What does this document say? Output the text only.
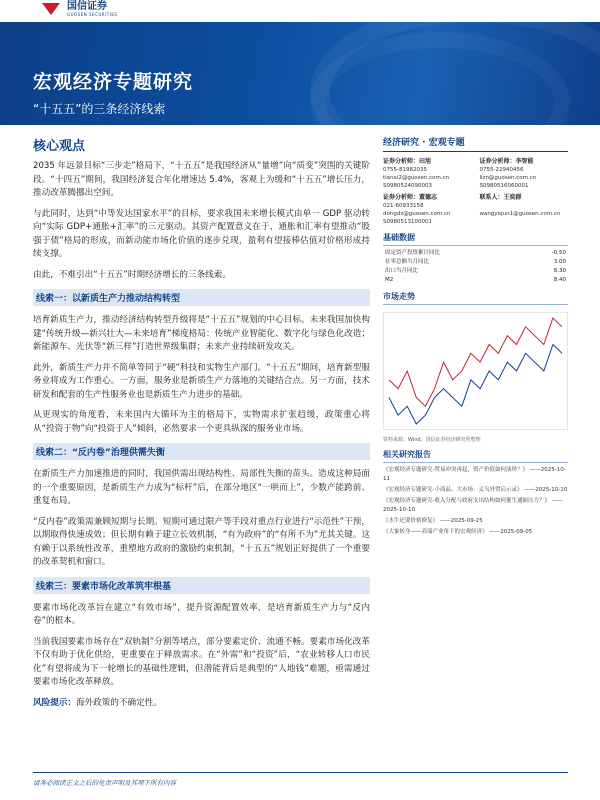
国信证券
GUOSEN SECURITIES
宏观经济专题研究
“十五五”的三条经济线索
核心观点

2035 年远景目标“三步走”格局下，“十五五”是我国经济从“量增”向“质变”突围的关键阶段。“十四五”期间，我国经济复合年化增速达 5.4%，客观上为缓和“十五五”增长压力，推动改革腾挪出空间。

与此同时，达到“中等发达国家水平”的目标，要求我国未来增长模式由单一 GDP 驱动转向“实际 GDP+通胀+汇率”的三元驱动。其资产配置意义在于，通胀和汇率有望推动“股强于债”格局的形成，而新动能市场化价值的逐步兑现，盈利有望接棒估值对价格形成持续支撑。

由此，不难引出“十五五”时期经济增长的三条线索。

线索一：以新质生产力推动结构转型

培育新质生产力，推动经济结构转型升级将是“十五五”规划的中心目标。未来我国加快构建“传统升级—新兴壮大—未来培育”梯度格局：传统产业智能化、数字化与绿色化改造；新能源车、光伏等“新三样”打造世界级集群；未来产业持续研发攻关。

此外，新质生产力并不简单等同于“硬”科技和实物生产部门。“十五五”期间，培育新型服务业将成为工作重心。一方面，服务业是新质生产力落地的关键结合点。另一方面，技术研发和配套的生产性服务业也是新质生产力进步的基础。

从更现实的角度看，未来国内大循环为主的格局下，实物需求扩张趋缓，政策重心将从“投资于物”向“投资于人”倾斜，必然要求一个更具纵深的服务业市场。

线索二：“反内卷”治理供需失衡

在新质生产力加速推进的同时，我国供需出现结构性、局部性失衡的苗头。造成这种局面的一个重要原因，是新质生产力成为“标杆”后，在部分地区“一哄而上”，少数产能跨前、重复布局。

“反内卷”政策需兼顾短期与长期。短期可通过限产等手段对重点行业进行“示范性”干预，以期取得快速成效；但长期有赖于建立长效机制，“有为政府”的“有所不为”尤其关键。这有赖于以系统性改革，重塑地方政府的激励约束机制，“十五五”规划正好提供了一个重要的改革契机和窗口。

线索三：要素市场化改革筑牢根基

要素市场化改革旨在建立“有效市场”，提升资源配置效率，是培育新质生产力与“反内卷”的根本。

当前我国要素市场存在“双轨制”分割等堵点，部分要素定价、流通不畅。要素市场化改革不仅有助于优化供给，更重要在于释放需求。在“外需”和“投资”后，“农业转移人口市民化”有望将成为下一轮增长的基础性逻辑，但潜能背后是典型的“人地钱”难题，亟需通过要素市场化改革释放。

风险提示：海外政策的不确定性。
经济研究 · 宏观专题
证券分析师：田旭
0755-81982035
tianxi2@guosen.com.cn
S0980524090003
证券分析师：李智能
0755-22940456
lizn@guosen.com.cn
S0980516060001
证券分析师：董德志
021-60933158
dongdz@guosen.com.cn
S0980513100001
联系人：王奕群

wangyiqun1@guosen.com.cn

基础数据
固定资产投资累计同比	-0.50
社零总额当月同比	3.00
出口当月同比	8.30
M2	8.40
市场走势
资料来源：Wind、国信证券经济研究所整理
相关研究报告
《宏观经济专题研究-贸易冲突再起，资产价值如何演绎？》 ——2025-10-11
《宏观经济专题研究-小商品、大市场：义乌外贸启示录》 ——2025-10-10
《宏观经济专题研究-收入分配与政府支出结构如何催生通缩压力？》 ——2025-10-10
《水牛还要价格修复》 ——2025-09-25
《大象转身——高端产业角下的宏观经济》 ——2025-09-05
请务必阅读正文之后的免责声明及其项下所有内容
